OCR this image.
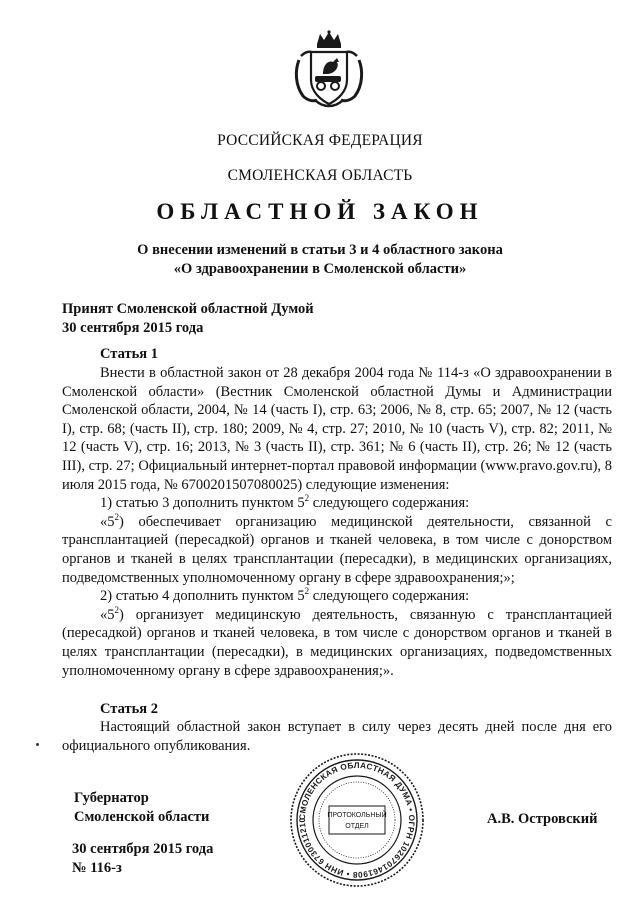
РОССИЙСКАЯ ФЕДЕРАЦИЯ
СМОЛЕНСКАЯ ОБЛАСТЬ
ОБЛАСТНОЙ ЗАКОН
О внесении изменений в статьи 3 и 4 областного закона
«О здравоохранении в Смоленской области»
Принят Смоленской областной Думой
30 сентября 2015 года
Статья 1

Внести в областной закон от 28 декабря 2004 года № 114-з «О здравоохранении в Смоленской области» (Вестник Смоленской областной Думы и Администрации Смоленской области, 2004, № 14 (часть I), стр. 63; 2006, № 8, стр. 65; 2007, № 12 (часть I), стр. 68; (часть II), стр. 180; 2009, № 4, стр. 27; 2010, № 10 (часть V), стр. 82; 2011, № 12 (часть V), стр. 16; 2013, № 3 (часть II), стр. 361; № 6 (часть II), стр. 26; № 12 (часть III), стр. 27; Официальный интернет-портал правовой информации (www.pravo.gov.ru), 8 июля 2015 года, № 6700201507080025) следующие изменения:

1) статью 3 дополнить пунктом $5^2$ следующего содержания:

«$5^2$) обеспечивает организацию медицинской деятельности, связанной с трансплантацией (пересадкой) органов и тканей человека, в том числе с донорством органов и тканей в целях трансплантации (пересадки), в медицинских организациях, подведомственных уполномоченному органу в сфере здравоохранения;»;

2) статью 4 дополнить пунктом $5^2$ следующего содержания:

«$5^2$) организует медицинскую деятельность, связанную с трансплантацией (пересадкой) органов и тканей человека, в том числе с донорством органов и тканей в целях трансплантации (пересадки), в медицинских организациях, подведомственных уполномоченному органу в сфере здравоохранения;».

Статья 2

Настоящий областной закон вступает в силу через десять дней после дня его официального опубликования.

Губернатор
Смоленской области	СМОЛЕНСКАЯ ОБЛАСТНАЯ ДУМА • ОГРН 1026701461908 • ИНН 6730011210
ПРОТОКОЛЬНЫЙ
ОТДЕЛ	А.В. Островский
30 сентября 2015 года
№ 116-з
